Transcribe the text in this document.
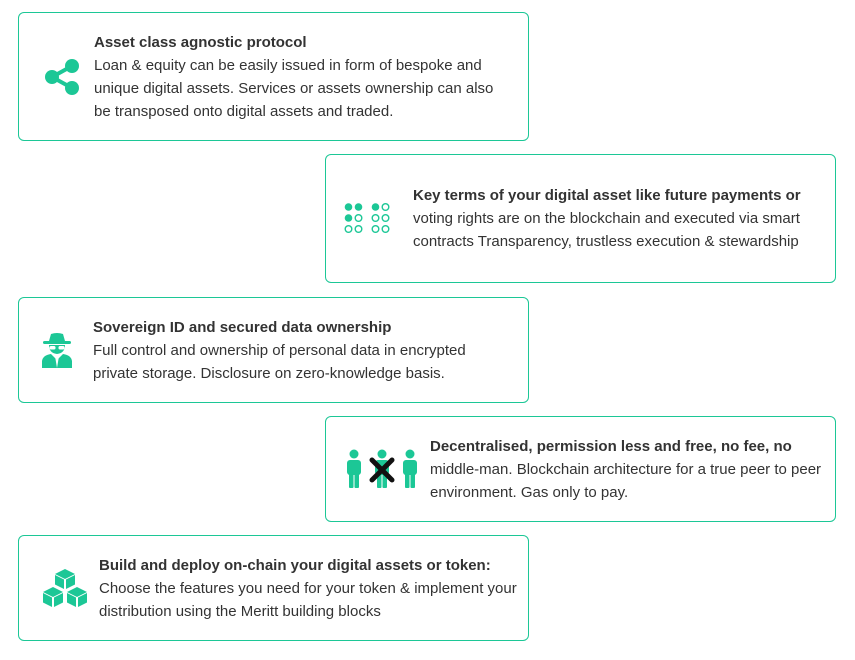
Asset class agnostic protocol
Loan & equity can be easily issued in form of bespoke and unique digital assets. Services or assets ownership can also be transposed onto digital assets and traded.
Key terms of your digital asset like future payments or
voting rights are on the blockchain and executed via smart contracts Transparency, trustless execution & stewardship
Sovereign ID and secured data ownership
Full control and ownership of personal data in encrypted private storage. Disclosure on zero-knowledge basis.
Decentralised, permission less and free, no fee, no
middle-man. Blockchain architecture for a true peer to peer environment. Gas only to pay.
Build and deploy on-chain your digital assets or token:
Choose the features you need for your token & implement your distribution using the Meritt building blocks
